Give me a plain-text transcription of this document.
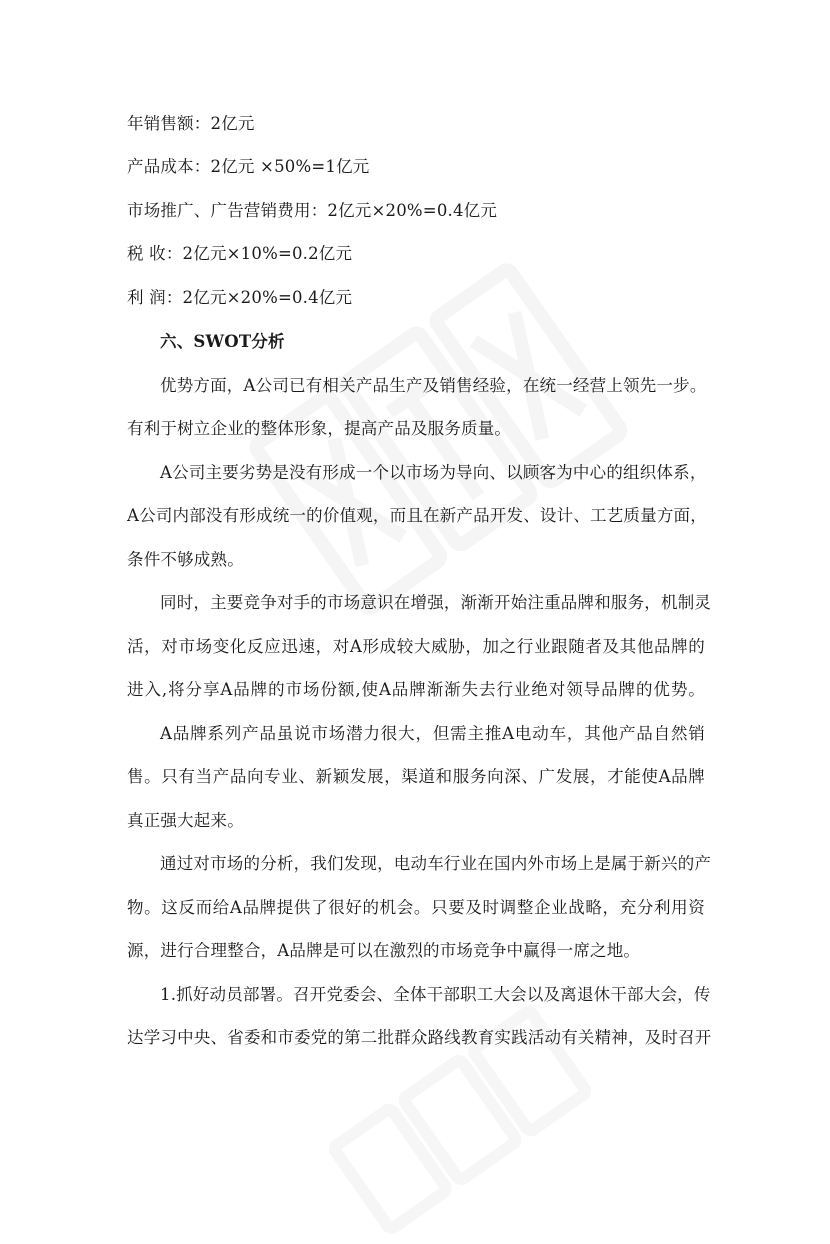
年销售额：2亿元
产品成本：2亿元 ×50%=1亿元
市场推广、广告营销费用：2亿元×20%=0.4亿元
税 收：2亿元×10%=0.2亿元
利 润：2亿元×20%=0.4亿元
六、SWOT分析
优势方面，A公司已有相关产品生产及销售经验，在统一经营上领先一步。
有利于树立企业的整体形象，提高产品及服务质量。
A公司主要劣势是没有形成一个以市场为导向、以顾客为中心的组织体系，
A公司内部没有形成统一的价值观，而且在新产品开发、设计、工艺质量方面，
条件不够成熟。
同时，主要竞争对手的市场意识在增强，渐渐开始注重品牌和服务，机制灵
活，对市场变化反应迅速，对A形成较大威胁，加之行业跟随者及其他品牌的
进入,将分享A品牌的市场份额,使A品牌渐渐失去行业绝对领导品牌的优势。
A品牌系列产品虽说市场潜力很大，但需主推A电动车，其他产品自然销
售。只有当产品向专业、新颖发展，渠道和服务向深、广发展，才能使A品牌
真正强大起来。
通过对市场的分析，我们发现，电动车行业在国内外市场上是属于新兴的产
物。这反而给A品牌提供了很好的机会。只要及时调整企业战略，充分利用资
源，进行合理整合，A品牌是可以在激烈的市场竞争中赢得一席之地。
1.抓好动员部署。召开党委会、全体干部职工大会以及离退休干部大会，传
达学习中央、省委和市委党的第二批群众路线教育实践活动有关精神，及时召开
